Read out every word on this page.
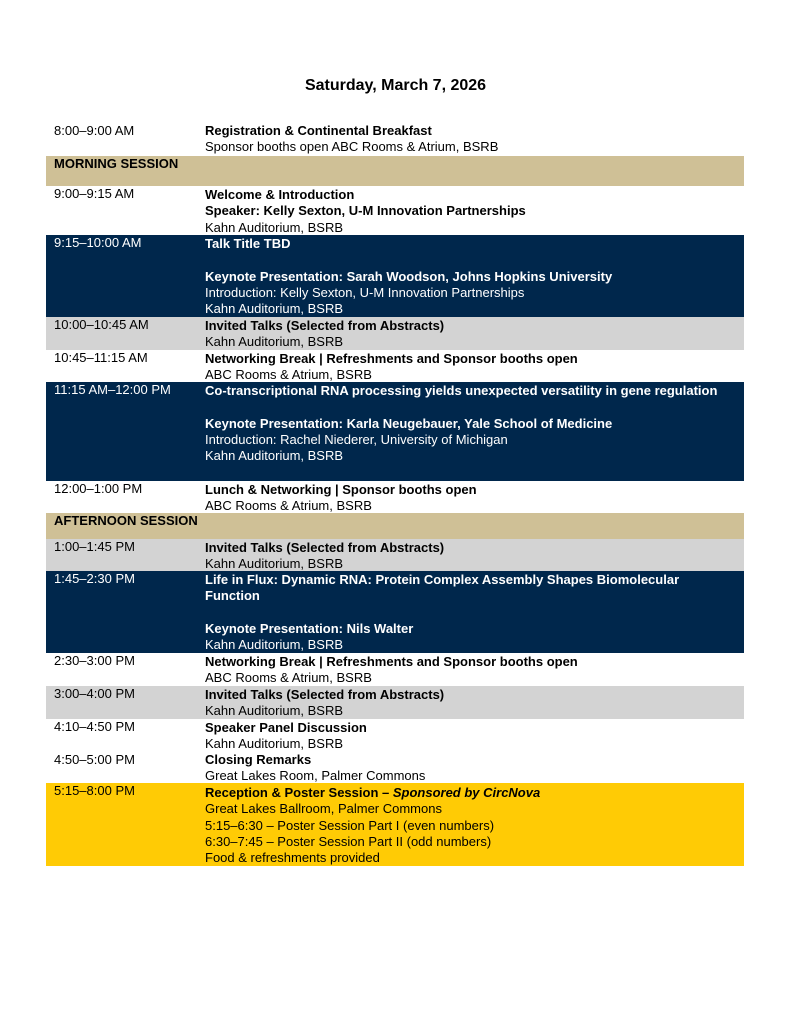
Saturday, March 7, 2026
8:00–9:00 AM	Registration & Continental Breakfast
Sponsor booths open ABC Rooms & Atrium, BSRB
MORNING SESSION
9:00–9:15 AM	Welcome & Introduction
Speaker: Kelly Sexton, U-M Innovation Partnerships
Kahn Auditorium, BSRB
9:15–10:00 AM	Talk Title TBD
Keynote Presentation: Sarah Woodson, Johns Hopkins University
Introduction: Kelly Sexton, U-M Innovation Partnerships
Kahn Auditorium, BSRB
10:00–10:45 AM	Invited Talks (Selected from Abstracts)
Kahn Auditorium, BSRB
10:45–11:15 AM	Networking Break | Refreshments and Sponsor booths open
ABC Rooms & Atrium, BSRB
11:15 AM–12:00 PM	Co-transcriptional RNA processing yields unexpected versatility in gene regulation
Keynote Presentation: Karla Neugebauer, Yale School of Medicine
Introduction: Rachel Niederer, University of Michigan
Kahn Auditorium, BSRB
12:00–1:00 PM	Lunch & Networking | Sponsor booths open
ABC Rooms & Atrium, BSRB
AFTERNOON SESSION
1:00–1:45 PM	Invited Talks (Selected from Abstracts)
Kahn Auditorium, BSRB
1:45–2:30 PM	Life in Flux: Dynamic RNA: Protein Complex Assembly Shapes Biomolecular Function
Keynote Presentation: Nils Walter
Kahn Auditorium, BSRB
2:30–3:00 PM	Networking Break | Refreshments and Sponsor booths open
ABC Rooms & Atrium, BSRB
3:00–4:00 PM	Invited Talks (Selected from Abstracts)
Kahn Auditorium, BSRB
4:10–4:50 PM	Speaker Panel Discussion
Kahn Auditorium, BSRB
4:50–5:00 PM	Closing Remarks
Great Lakes Room, Palmer Commons
5:15–8:00 PM	Reception & Poster Session – Sponsored by CircNova
Great Lakes Ballroom, Palmer Commons
5:15–6:30 – Poster Session Part I (even numbers)
6:30–7:45 – Poster Session Part II (odd numbers)
Food & refreshments provided
